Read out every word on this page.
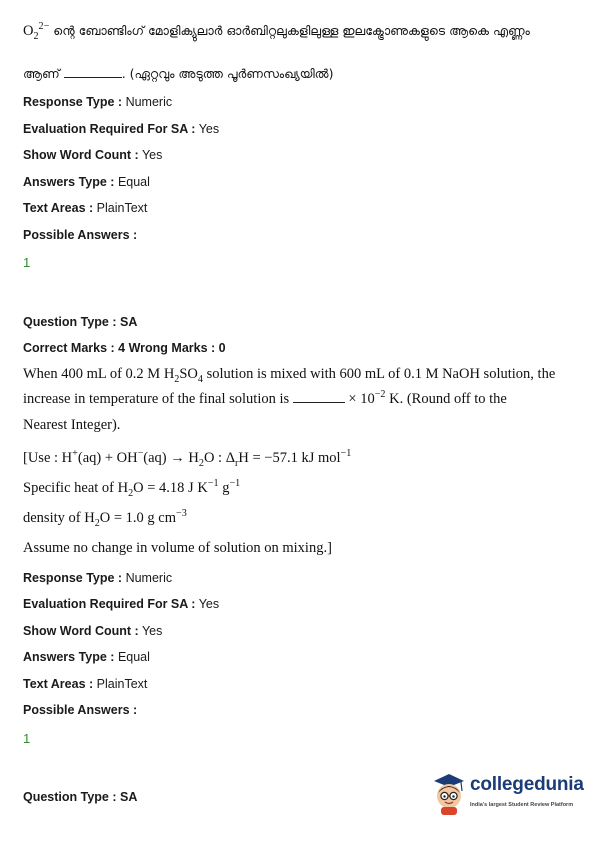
$O_2^{2-}$ ന്റെ ബോണ്ടിംഗ് മോളിക്യുലാർ ഓർബിറ്റലുകളിലുള്ള ഇലക്ട്രോണുകളുടെ ആകെ എണ്ണം
ആണ്	. (ഏറ്റവും അടുത്ത പൂർണസംഖ്യയിൽ)
Response Type : Numeric
Evaluation Required For SA : Yes
Show Word Count : Yes
Answers Type : Equal
Text Areas : PlainText
Possible Answers :
1
Question Type : SA
Correct Marks : 4 Wrong Marks : 0
When 400 mL of 0.2 M $H_2SO_4$ solution is mixed with 600 mL of 0.1 M NaOH solution, the
increase in temperature of the final solution is	× $10^{-2}$ K. (Round off to the
Nearest Integer).
[Use : $H^+(aq) + OH^-(aq) \to H_2O$ : $\Delta_rH = -57.1$ kJ mol$^{-1}$
Specific heat of $H_2O = 4.18$ J $K^{-1}$ $g^{-1}$
density of $H_2O = 1.0$ g $cm^{-3}$
Assume no change in volume of solution on mixing.]
Response Type : Numeric
Evaluation Required For SA : Yes
Show Word Count : Yes
Answers Type : Equal
Text Areas : PlainText
Possible Answers :
1
Question Type : SA
collegedunia
India's largest Student Review Platform
